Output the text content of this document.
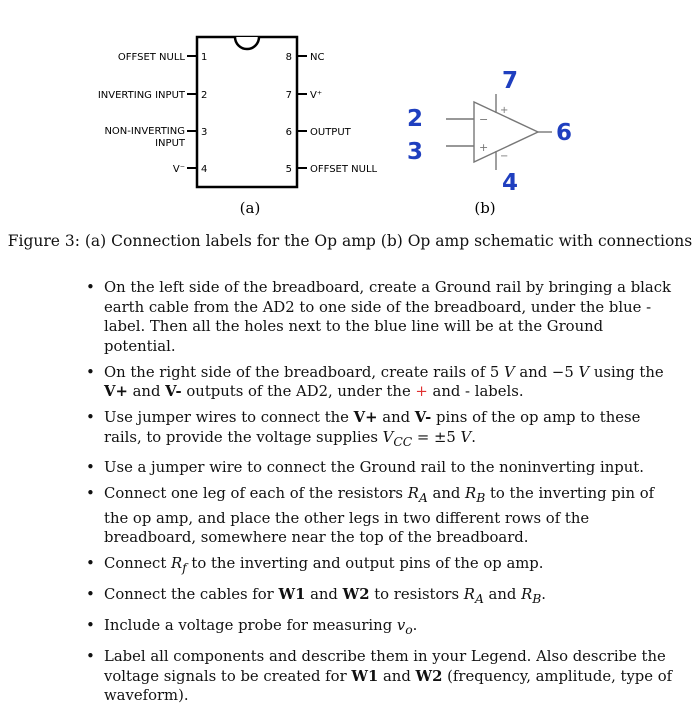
1
2
3
4	5
6
7
8
OFFSET NULL
INVERTING INPUT
NON-INVERTING
INPUT
V⁻
NC
V⁺
OUTPUT
OFFSET NULL
(a)
−
+
+
−
2
3
7
4
6
(b)
Figure 3: (a) Connection labels for the Op amp (b) Op amp schematic with connections
• On the left side of the breadboard, create a Ground rail by bringing a black earth cable from the AD2 to one side of the breadboard, under the blue - label. Then all the holes next to the blue line will be at the Ground potential.
• On the right side of the breadboard, create rails of 5 V and −5 V using the V+ and V- outputs of the AD2, under the + and - labels.
• Use jumper wires to connect the V+ and V- pins of the op amp to these rails, to provide the voltage supplies $V_{CC} = \pm 5$ V.
• Use a jumper wire to connect the Ground rail to the noninverting input.
• Connect one leg of each of the resistors $R_A$ and $R_B$ to the inverting pin of the op amp, and place the other legs in two different rows of the breadboard, somewhere near the top of the breadboard.
• Connect $R_f$ to the inverting and output pins of the op amp.
• Connect the cables for W1 and W2 to resistors $R_A$ and $R_B$.
• Include a voltage probe for measuring $v_o$.
• Label all components and describe them in your Legend. Also describe the voltage signals to be created for W1 and W2 (frequency, amplitude, type of waveform).
